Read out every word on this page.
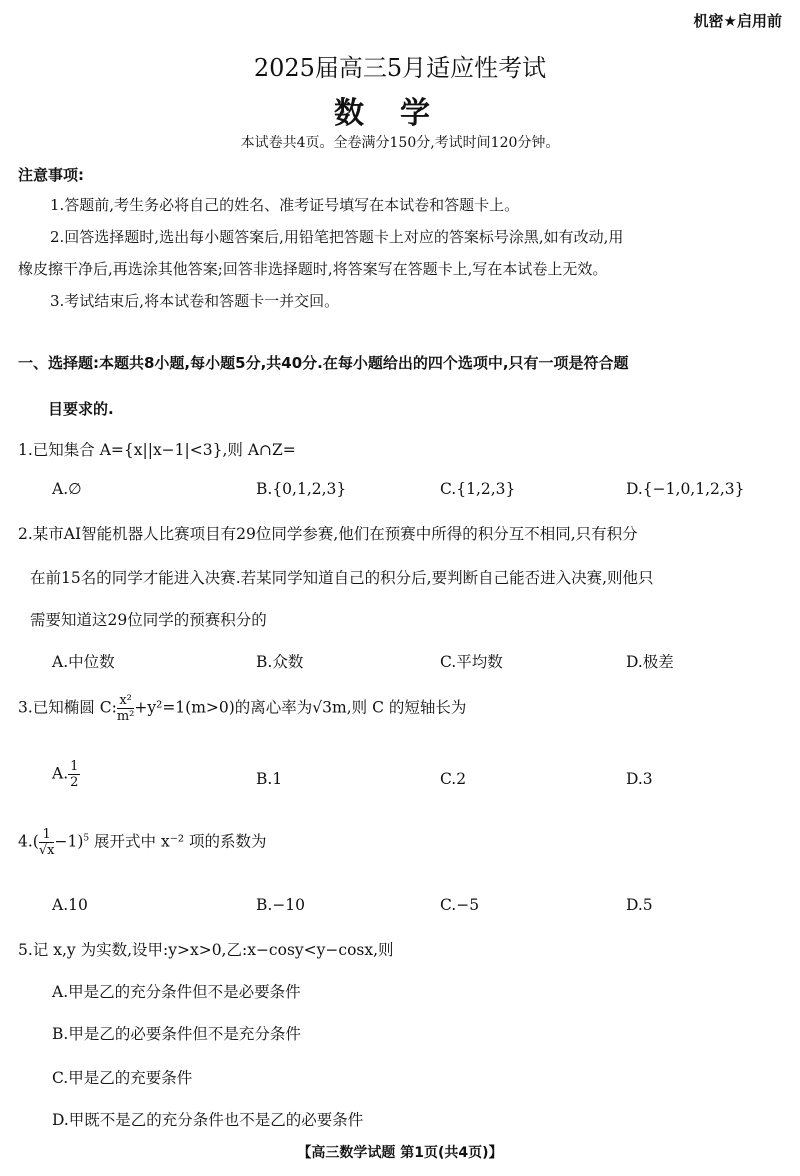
机密★启用前
2025届高三5月适应性考试
数学
本试卷共4页。全卷满分150分,考试时间120分钟。
注意事项:
1.答题前,考生务必将自己的姓名、准考证号填写在本试卷和答题卡上。
2.回答选择题时,选出每小题答案后,用铅笔把答题卡上对应的答案标号涂黑,如有改动,用
橡皮擦干净后,再选涂其他答案;回答非选择题时,将答案写在答题卡上,写在本试卷上无效。
3.考试结束后,将本试卷和答题卡一并交回。
一、选择题:本题共8小题,每小题5分,共40分.在每小题给出的四个选项中,只有一项是符合题
目要求的.
1.已知集合 A={x||x−1|<3},则 A∩Z=
A.∅	B.{0,1,2,3}	C.{1,2,3}	D.{−1,0,1,2,3}
2.某市AI智能机器人比赛项目有29位同学参赛,他们在预赛中所得的积分互不相同,只有积分
在前15名的同学才能进入决赛.若某同学知道自己的积分后,要判断自己能否进入决赛,则他只
需要知道这29位同学的预赛积分的
A.中位数	B.众数	C.平均数	D.极差
3.已知椭圆 C: $\frac{\text{x²}}{\text{m²}} +y^2=1(m>0)$的离心率为√3m,则 C 的短轴长为
A. $\frac{1}{2}$	B.1	C.2	D.3
$4.( \frac{1}{√x} -1)^5$ 展开式中 x⁻² 项的系数为
A.10	B.−10	C.−5	D.5
5.记 x,y 为实数,设甲:y>x>0,乙:x−cosy<y−cosx,则
A.甲是乙的充分条件但不是必要条件
B.甲是乙的必要条件但不是充分条件
C.甲是乙的充要条件
D.甲既不是乙的充分条件也不是乙的必要条件
【高三数学试题 第1页(共4页)】
